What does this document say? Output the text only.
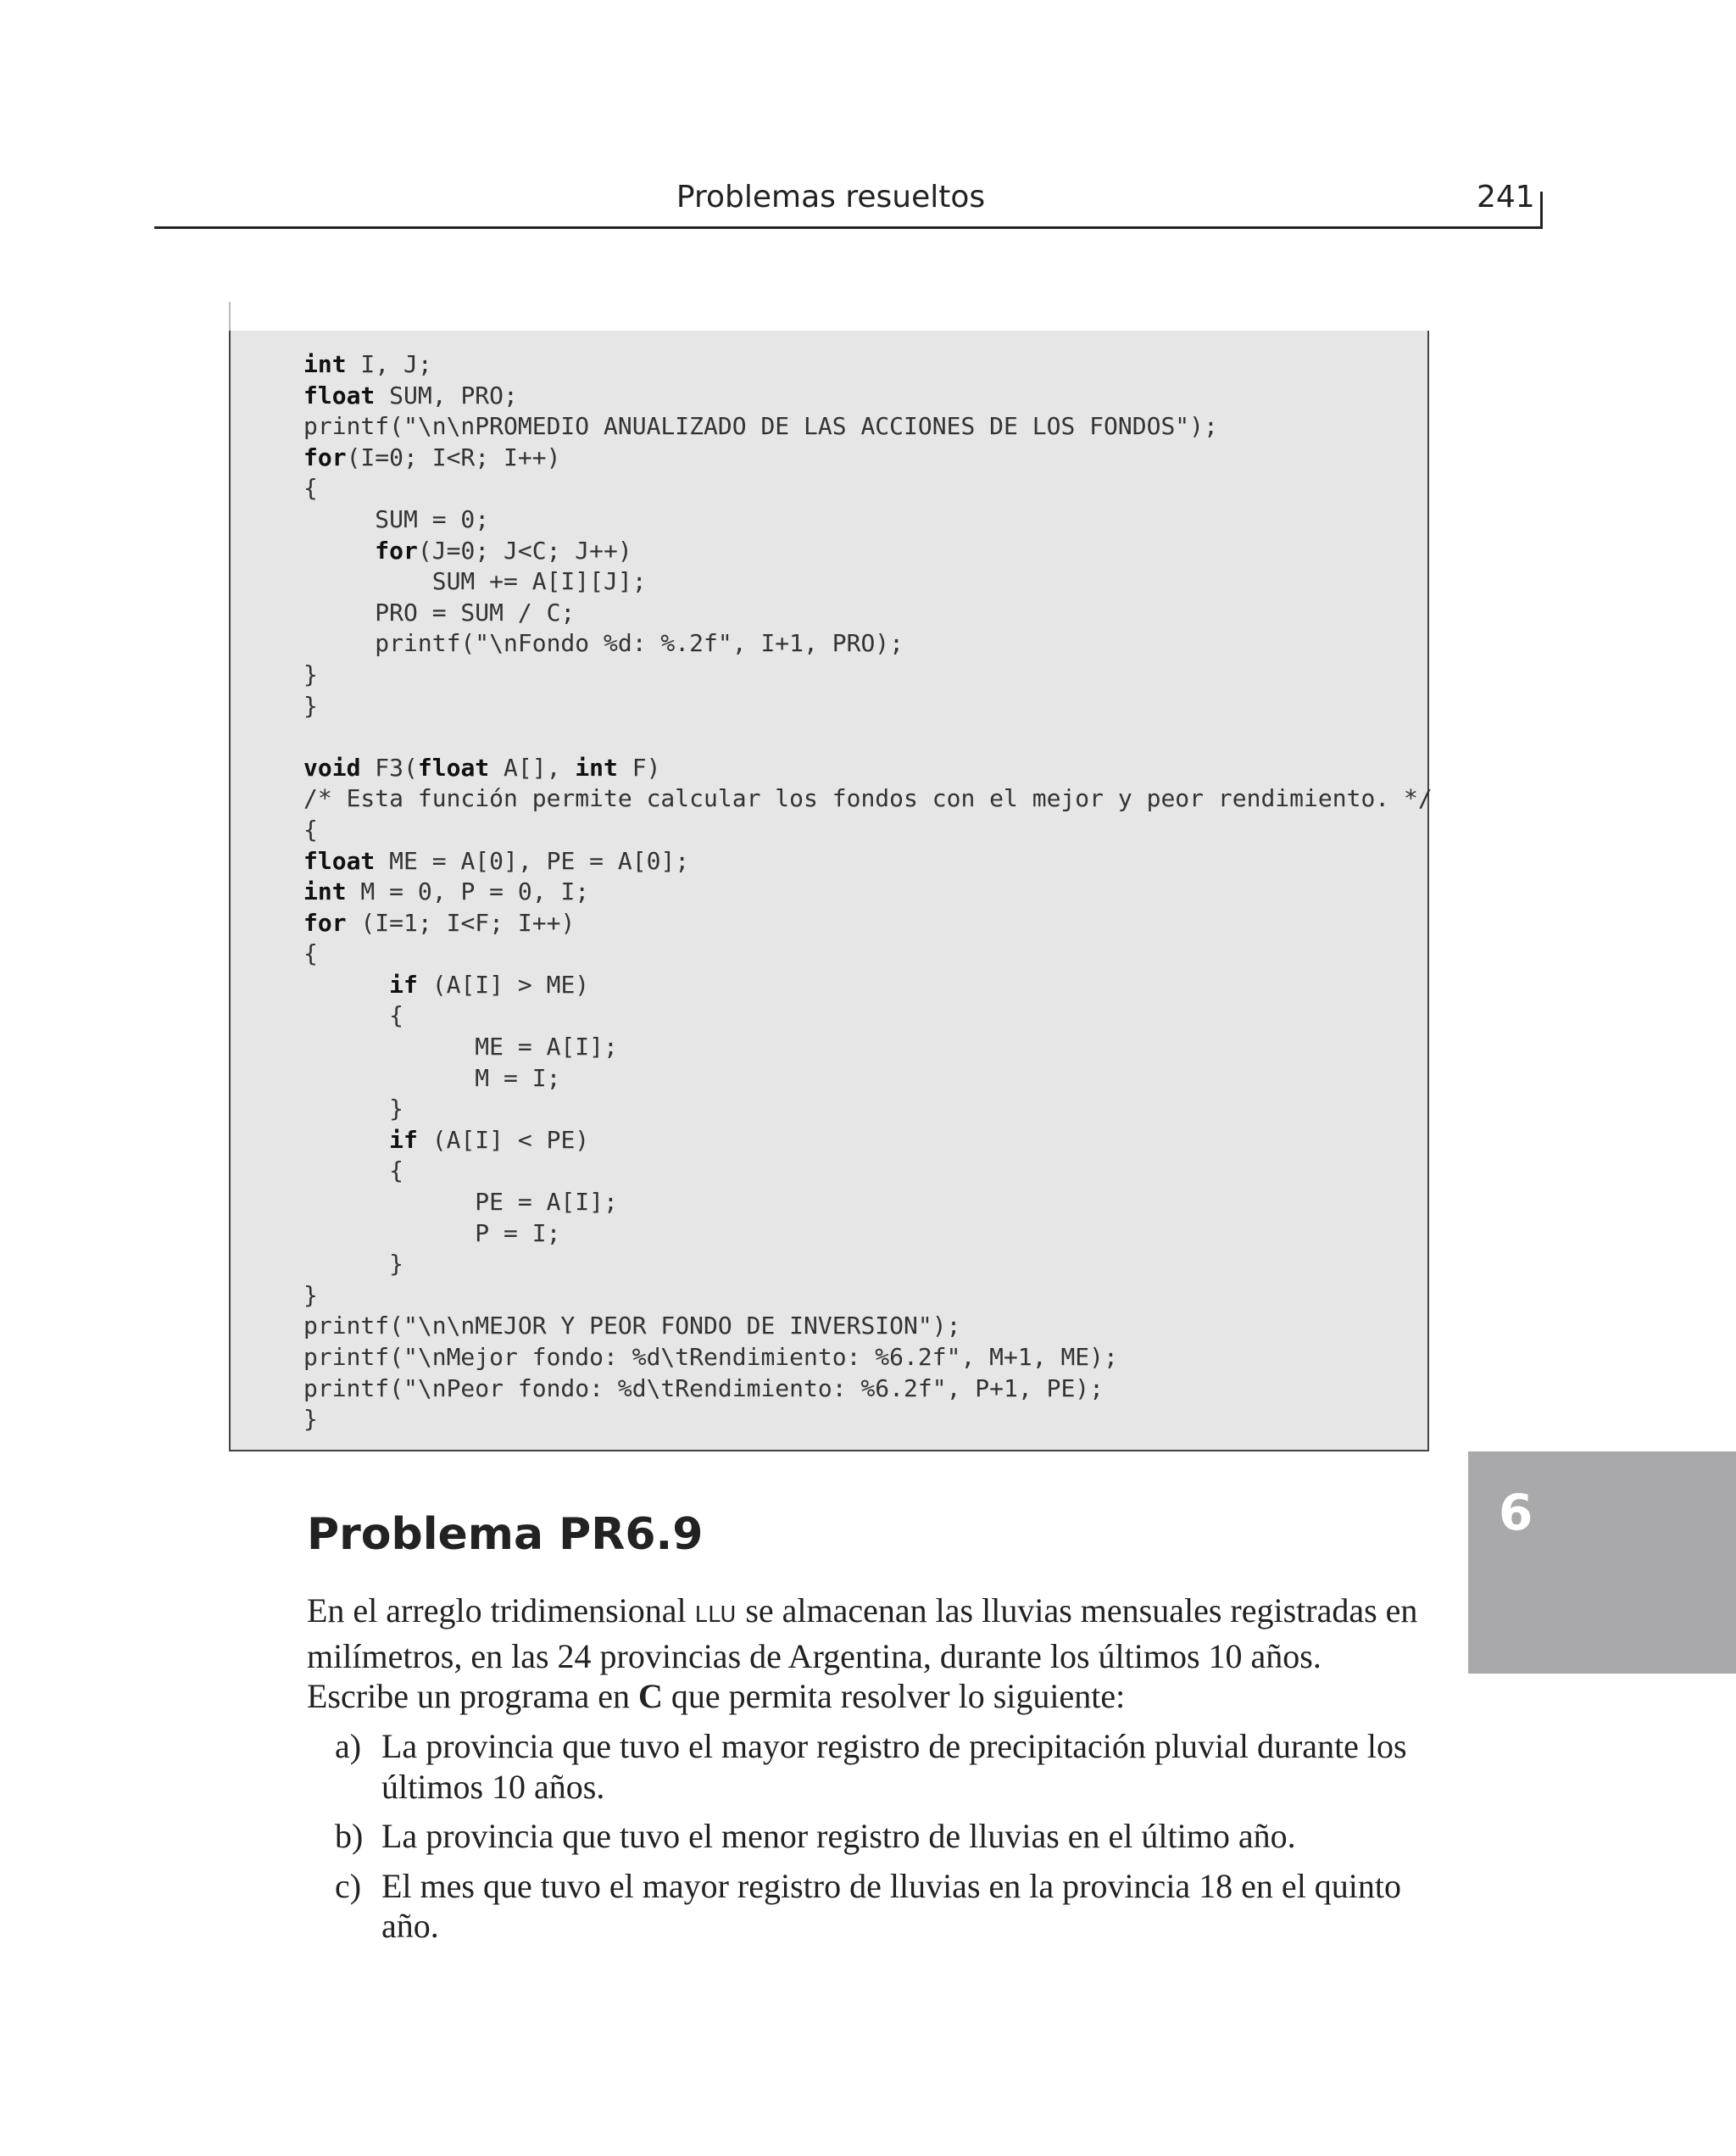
Problemas resueltos	241
int I, J;
float SUM, PRO;
printf("\n\nPROMEDIO ANUALIZADO DE LAS ACCIONES DE LOS FONDOS");
for(I=0; I<R; I++)
{
SUM = 0;
for(J=0; J<C; J++)
SUM += A[I][J];
PRO = SUM / C;
printf("\nFondo %d: %.2f", I+1, PRO);
}
}
void F3(float A[], int F)
/* Esta función permite calcular los fondos con el mejor y peor rendimiento. */
{
float ME = A[0], PE = A[0];
int M = 0, P = 0, I;
for (I=1; I<F; I++)
{
if (A[I] > ME)
{
ME = A[I];
M = I;
}
if (A[I] < PE)
{
PE = A[I];
P = I;
}
}
printf("\n\nMEJOR Y PEOR FONDO DE INVERSION");
printf("\nMejor fondo: %d\tRendimiento: %6.2f", M+1, ME);
printf("\nPeor fondo: %d\tRendimiento: %6.2f", P+1, PE);
}
6
Problema PR6.9
En el arreglo tridimensional LLU se almacenan las lluvias mensuales registradas en milímetros, en las 24 provincias de Argentina, durante los últimos 10 años. Escribe un programa en C que permita resolver lo siguiente:
a) La provincia que tuvo el mayor registro de precipitación pluvial durante los últimos 10 años.
b) La provincia que tuvo el menor registro de lluvias en el último año.
c) El mes que tuvo el mayor registro de lluvias en la provincia 18 en el quinto año.
